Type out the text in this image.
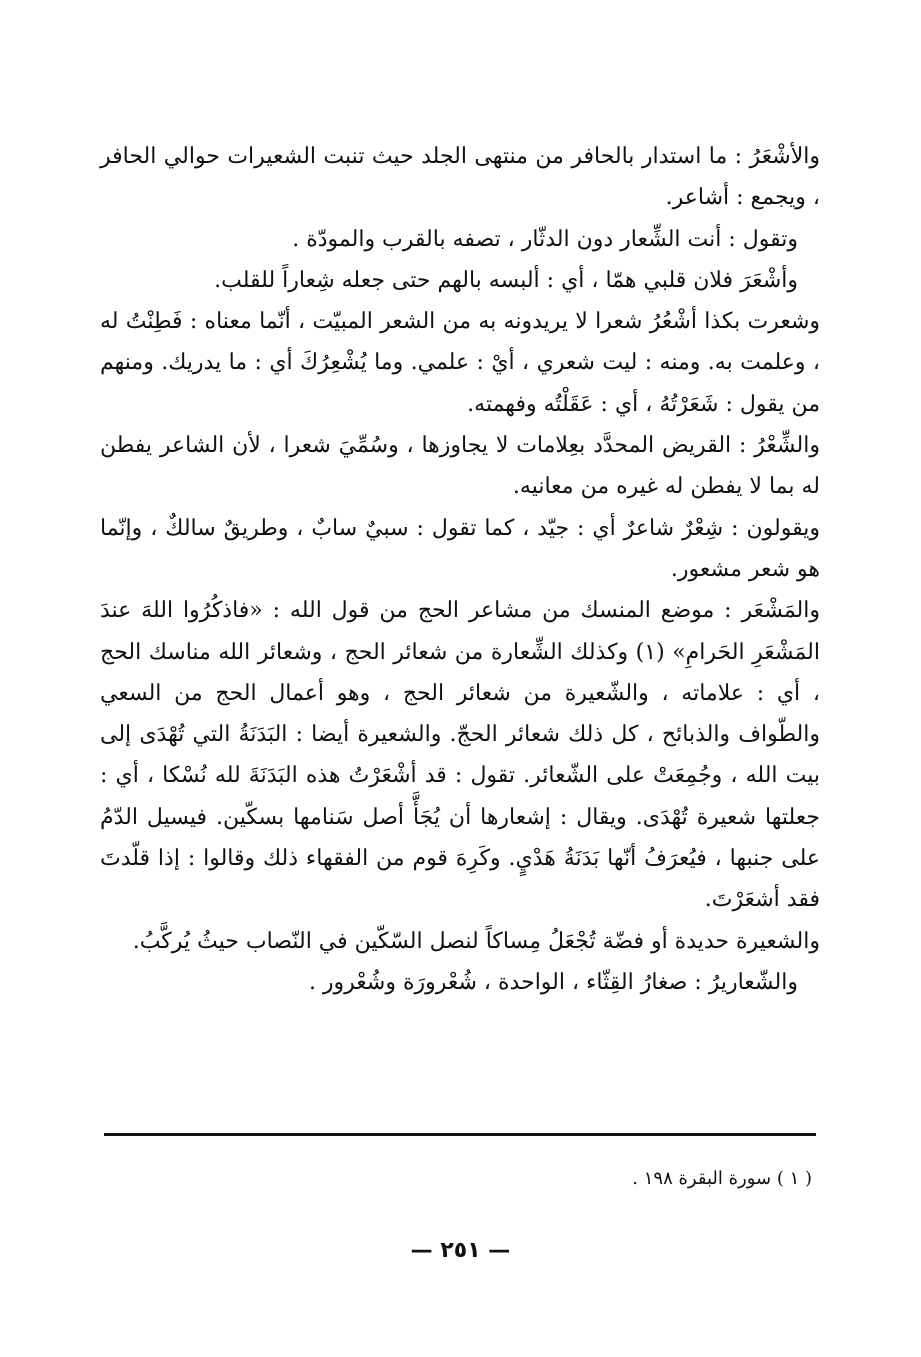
والأشْعَرُ : ما استدار بالحافر من منتهى الجلد حيث تنبت الشعيرات حوالي الحافر ، ويجمع : أشاعر.

وتقول : أنت الشِّعار دون الدثّار ، تصفه بالقرب والمودّة .

وأشْعَرَ فلان قلبي همّا ، أي : ألبسه بالهم حتى جعله شِعاراً للقلب.

وشعرت بكذا أشْعُرُ شعرا لا يريدونه به من الشعر المبيّت ، أنّما معناه : فَطِنْتُ له ، وعلمت به. ومنه : ليت شعري ، أيْ : علمي. وما يُشْعِرُكَ أي : ما يدريك. ومنهم من يقول : شَعَرْتُهُ ، أي : عَقَلْتُه وفهمته.

والشِّعْرُ : القريض المحدَّد بعِلامات لا يجاوزها ، وسُمِّيَ شعرا ، لأن الشاعر يفطن له بما لا يفطن له غيره من معانيه.

ويقولون : شِعْرٌ شاعرٌ أي : جيّد ، كما تقول : سبيٌ سابٌ ، وطريقٌ سالكٌ ، وإنّما هو شعر مشعور.

والمَشْعَر : موضع المنسك من مشاعر الحج من قول الله : «فاذكُرُوا اللهَ عندَ المَشْعَرِ الحَرامِ» (١) وكذلك الشِّعارة من شعائر الحج ، وشعائر الله مناسك الحج ، أي : علاماته ، والشّعيرة من شعائر الحج ، وهو أعمال الحج من السعي والطّواف والذبائح ، كل ذلك شعائر الحجّ. والشعيرة أيضا : البَدَنَةُ التي تُهْدَى إلى بيت الله ، وجُمِعَتْ على الشّعائر. تقول : قد أشْعَرْتُ هذه البَدَنَةَ لله نُسْكا ، أي : جعلتها شعيرة تُهْدَى. ويقال : إشعارها أن يُجَأَّ أصل سَنامها بسكّين. فيسيل الدّمُ على جنبها ، فيُعرَفُ أنّها بَدَنَةُ هَدْيٍ. وكَرِهَ قوم من الفقهاء ذلك وقالوا : إذا قلّدتَ فقد أشعَرْتَ.

والشعيرة حديدة أو فضّة تُجْعَلُ مِساكاً لنصل السّكّين في النّصاب حيثُ يُركَّبُ.

والشّعاريرُ : صغارُ القِثّاء ، الواحدة ، شُعْرورَة وشُعْرور .

( ١ ) سورة البقرة ١٩٨ .
— ٢٥١ —
